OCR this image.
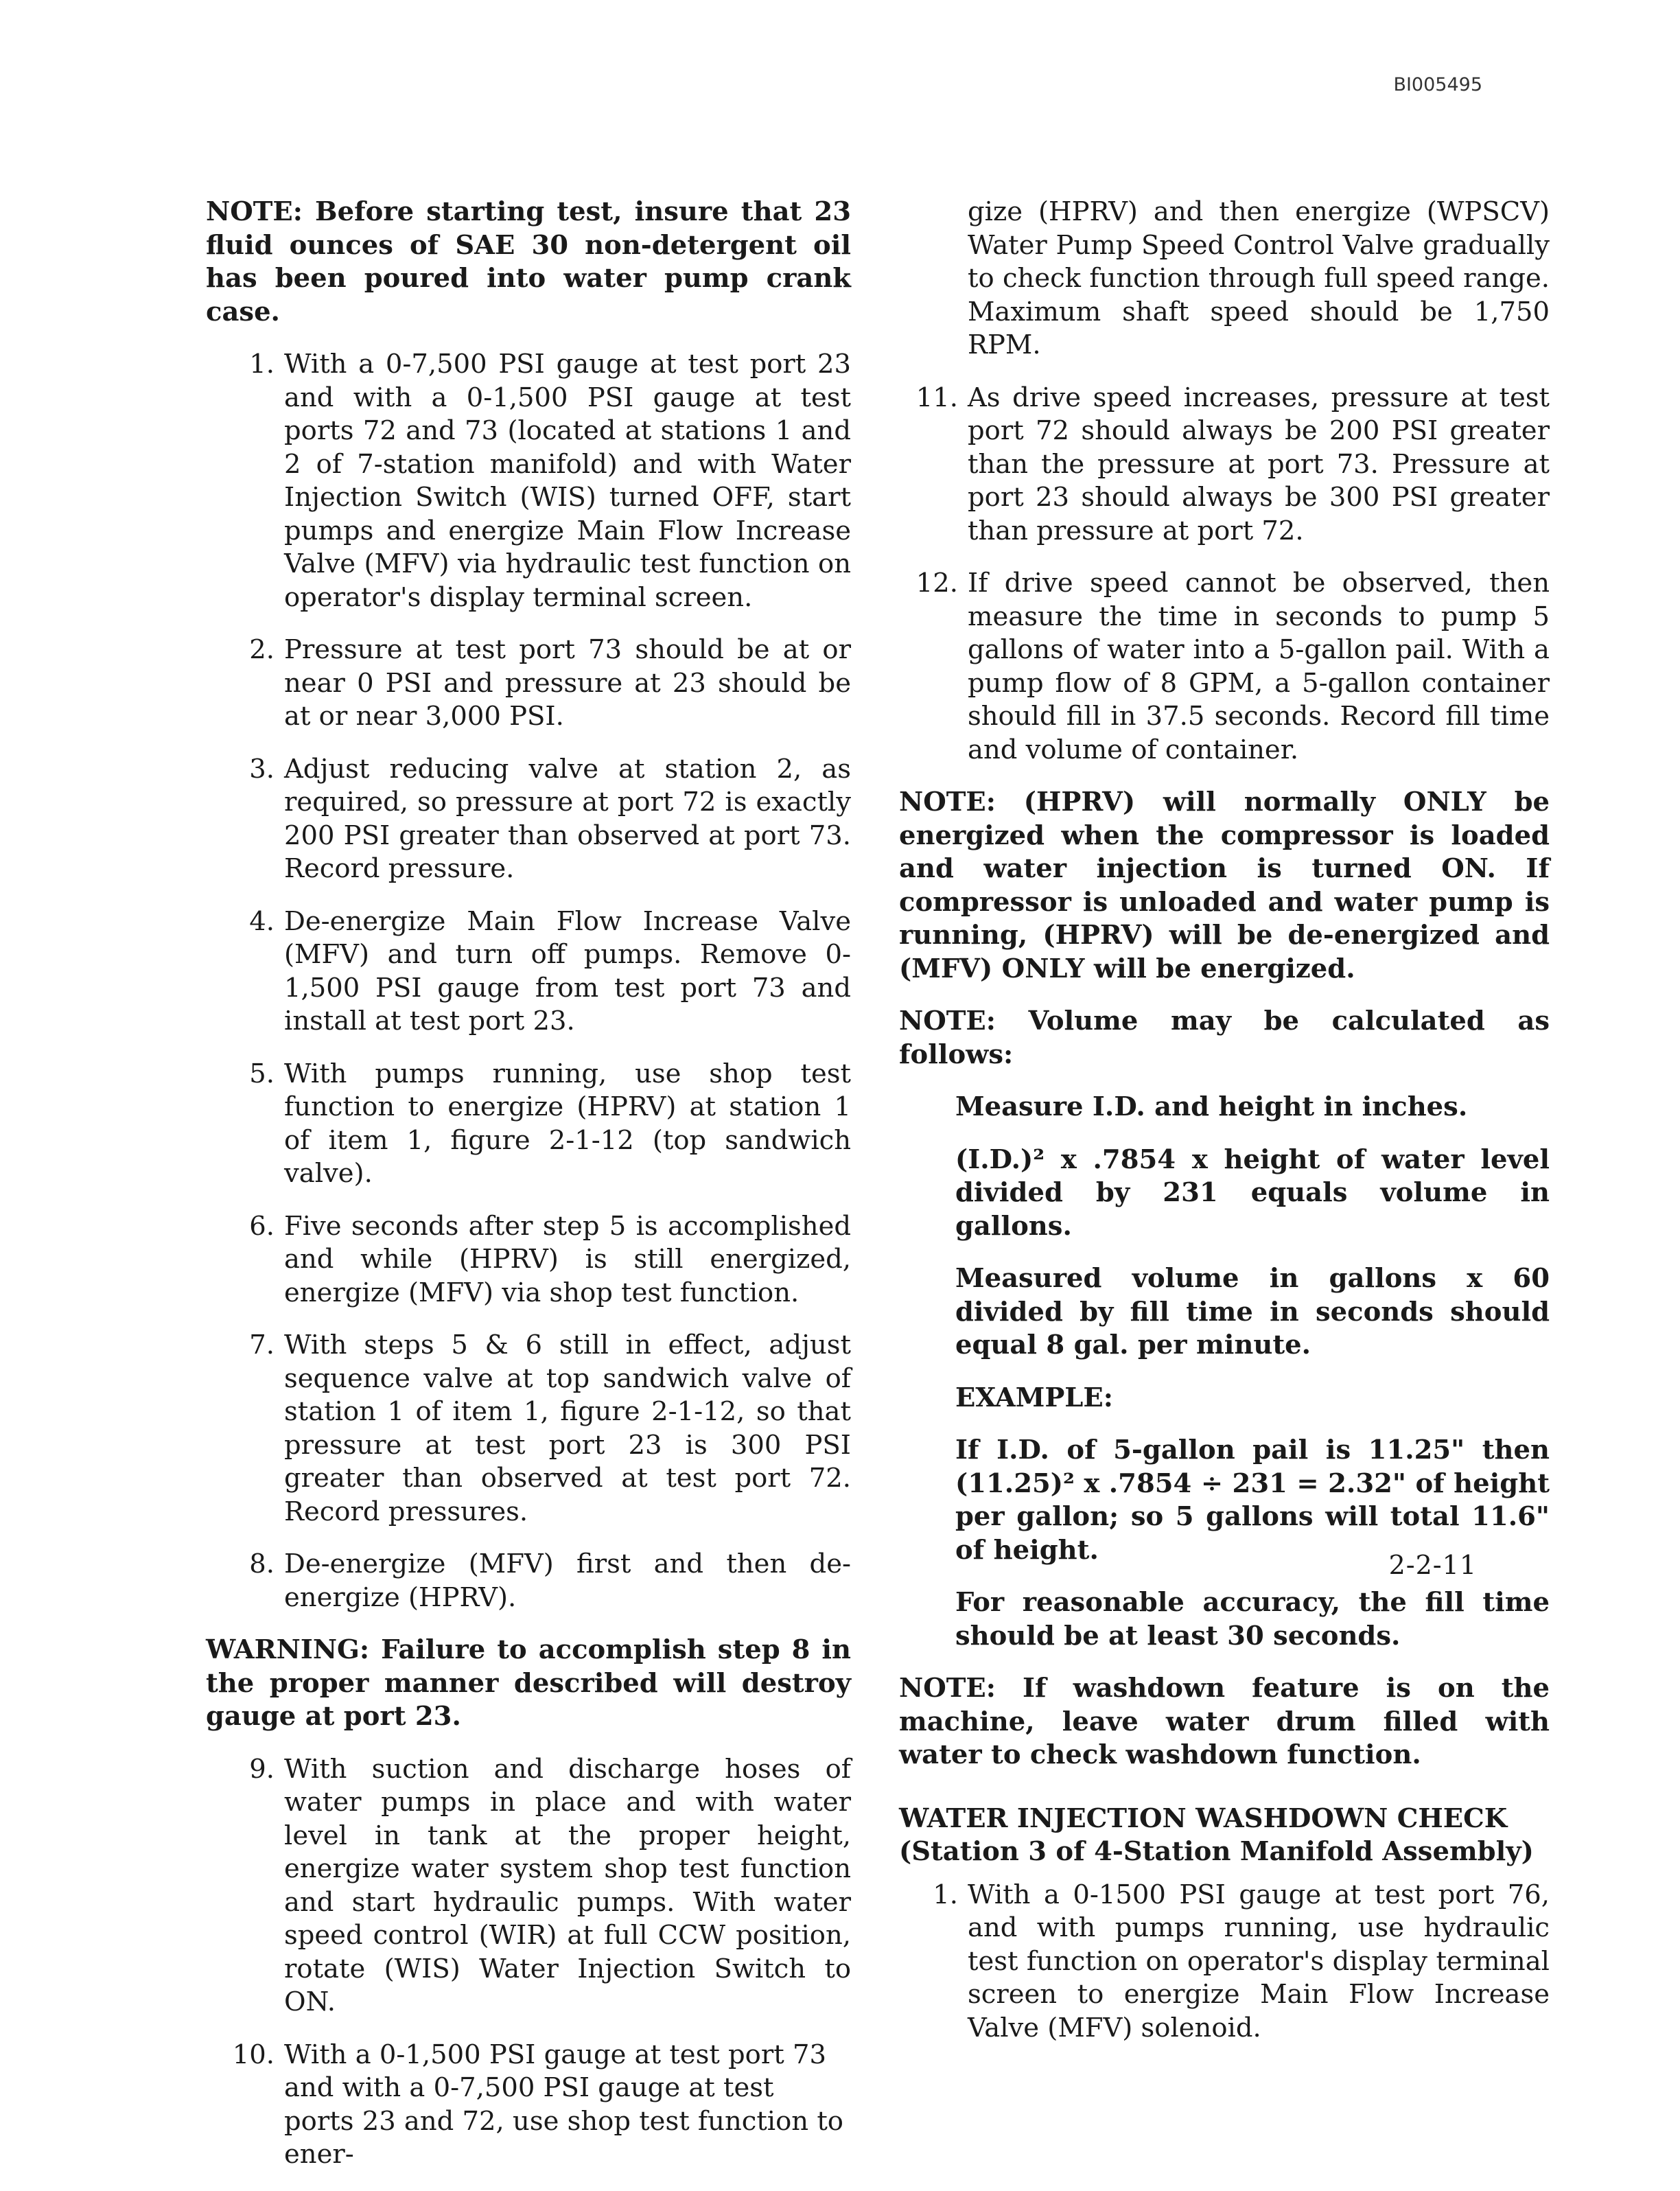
BI005495

NOTE: Before starting test, insure that 23 fluid ounces of SAE 30 non-detergent oil has been poured into water pump crank case.

1. With a 0-7,500 PSI gauge at test port 23 and with a 0-1,500 PSI gauge at test ports 72 and 73 (located at stations 1 and 2 of 7-station manifold) and with Water Injection Switch (WIS) turned OFF, start pumps and energize Main Flow Increase Valve (MFV) via hydraulic test function on operator's display terminal screen.
2. Pressure at test port 73 should be at or near 0 PSI and pressure at 23 should be at or near 3,000 PSI.
3. Adjust reducing valve at station 2, as required, so pressure at port 72 is exactly 200 PSI greater than observed at port 73. Record pressure.
4. De-energize Main Flow Increase Valve (MFV) and turn off pumps. Remove 0-1,500 PSI gauge from test port 73 and install at test port 23.
5. With pumps running, use shop test function to energize (HPRV) at station 1 of item 1, figure 2-1-12 (top sandwich valve).
6. Five seconds after step 5 is accomplished and while (HPRV) is still energized, energize (MFV) via shop test function.
7. With steps 5 & 6 still in effect, adjust sequence valve at top sandwich valve of station 1 of item 1, figure 2-1-12, so that pressure at test port 23 is 300 PSI greater than observed at test port 72. Record pressures.
8. De-energize (MFV) first and then de-energize (HPRV).

WARNING: Failure to accomplish step 8 in the proper manner described will destroy gauge at port 23.

9. With suction and discharge hoses of water pumps in place and with water level in tank at the proper height, energize water system shop test function and start hydraulic pumps. With water speed control (WIR) at full CCW position, rotate (WIS) Water Injection Switch to ON.
10. With a 0-1,500 PSI gauge at test port 73 and with a 0-7,500 PSI gauge at test ports 23 and 72, use shop test function to ener-

gize (HPRV) and then energize (WPSCV) Water Pump Speed Control Valve gradually to check function through full speed range. Maximum shaft speed should be 1,750 RPM.

11. As drive speed increases, pressure at test port 72 should always be 200 PSI greater than the pressure at port 73. Pressure at port 23 should always be 300 PSI greater than pressure at port 72.
12. If drive speed cannot be observed, then measure the time in seconds to pump 5 gallons of water into a 5-gallon pail. With a pump flow of 8 GPM, a 5-gallon container should fill in 37.5 seconds. Record fill time and volume of container.

NOTE: (HPRV) will normally ONLY be energized when the compressor is loaded and water injection is turned ON. If compressor is unloaded and water pump is running, (HPRV) will be de-energized and (MFV) ONLY will be energized.

NOTE: Volume may be calculated as follows:

Measure I.D. and height in inches.

(I.D.)² x .7854 x height of water level divided by 231 equals volume in gallons.

Measured volume in gallons x 60 divided by fill time in seconds should equal 8 gal. per minute.

EXAMPLE:

If I.D. of 5-gallon pail is 11.25" then (11.25)² x .7854 ÷ 231 = 2.32" of height per gallon; so 5 gallons will total 11.6" of height.

For reasonable accuracy, the fill time should be at least 30 seconds.

NOTE: If washdown feature is on the machine, leave water drum filled with water to check washdown function.

WATER INJECTION WASHDOWN CHECK
(Station 3 of 4-Station Manifold Assembly)
1. With a 0-1500 PSI gauge at test port 76, and with pumps running, use hydraulic test function on operator's display terminal screen to energize Main Flow Increase Valve (MFV) solenoid.
2-2-11
